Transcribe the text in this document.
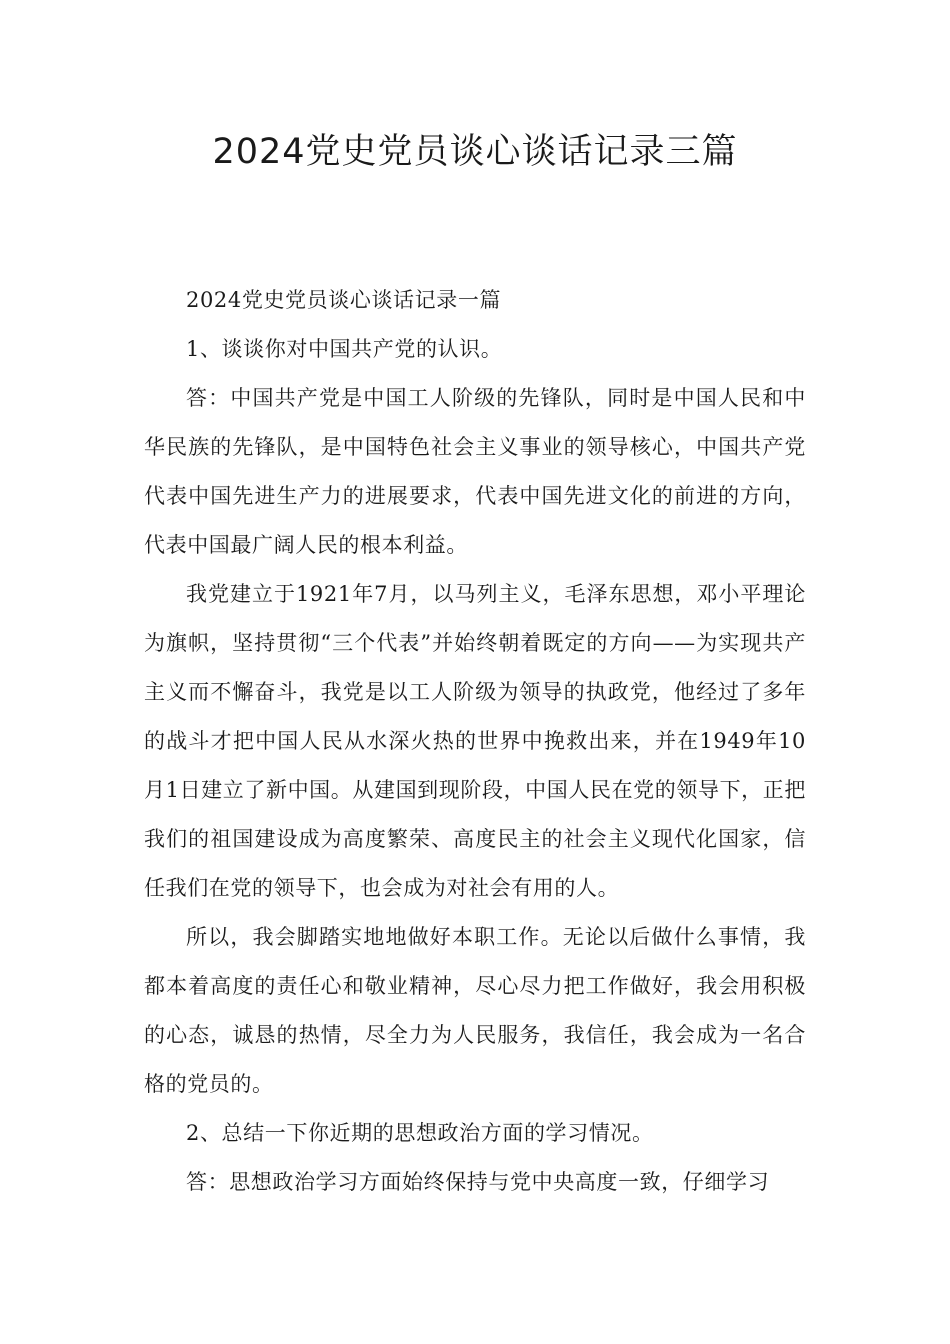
2024党史党员谈心谈话记录三篇

2024党史党员谈心谈话记录一篇

1、谈谈你对中国共产党的认识。

答：中国共产党是中国工人阶级的先锋队，同时是中国人民和中华民族的先锋队，是中国特色社会主义事业的领导核心，中国共产党代表中国先进生产力的进展要求，代表中国先进文化的前进的方向，代表中国最广阔人民的根本利益。

我党建立于1921年7月，以马列主义，毛泽东思想，邓小平理论为旗帜，坚持贯彻“三个代表”并始终朝着既定的方向——为实现共产主义而不懈奋斗，我党是以工人阶级为领导的执政党，他经过了多年的战斗才把中国人民从水深火热的世界中挽救出来，并在1949年10月1日建立了新中国。从建国到现阶段，中国人民在党的领导下，正把我们的祖国建设成为高度繁荣、高度民主的社会主义现代化国家，信任我们在党的领导下，也会成为对社会有用的人。

所以，我会脚踏实地地做好本职工作。无论以后做什么事情，我都本着高度的责任心和敬业精神，尽心尽力把工作做好，我会用积极的心态，诚恳的热情，尽全力为人民服务，我信任，我会成为一名合格的党员的。

2、总结一下你近期的思想政治方面的学习情况。

答：思想政治学习方面始终保持与党中央高度一致，仔细学习
